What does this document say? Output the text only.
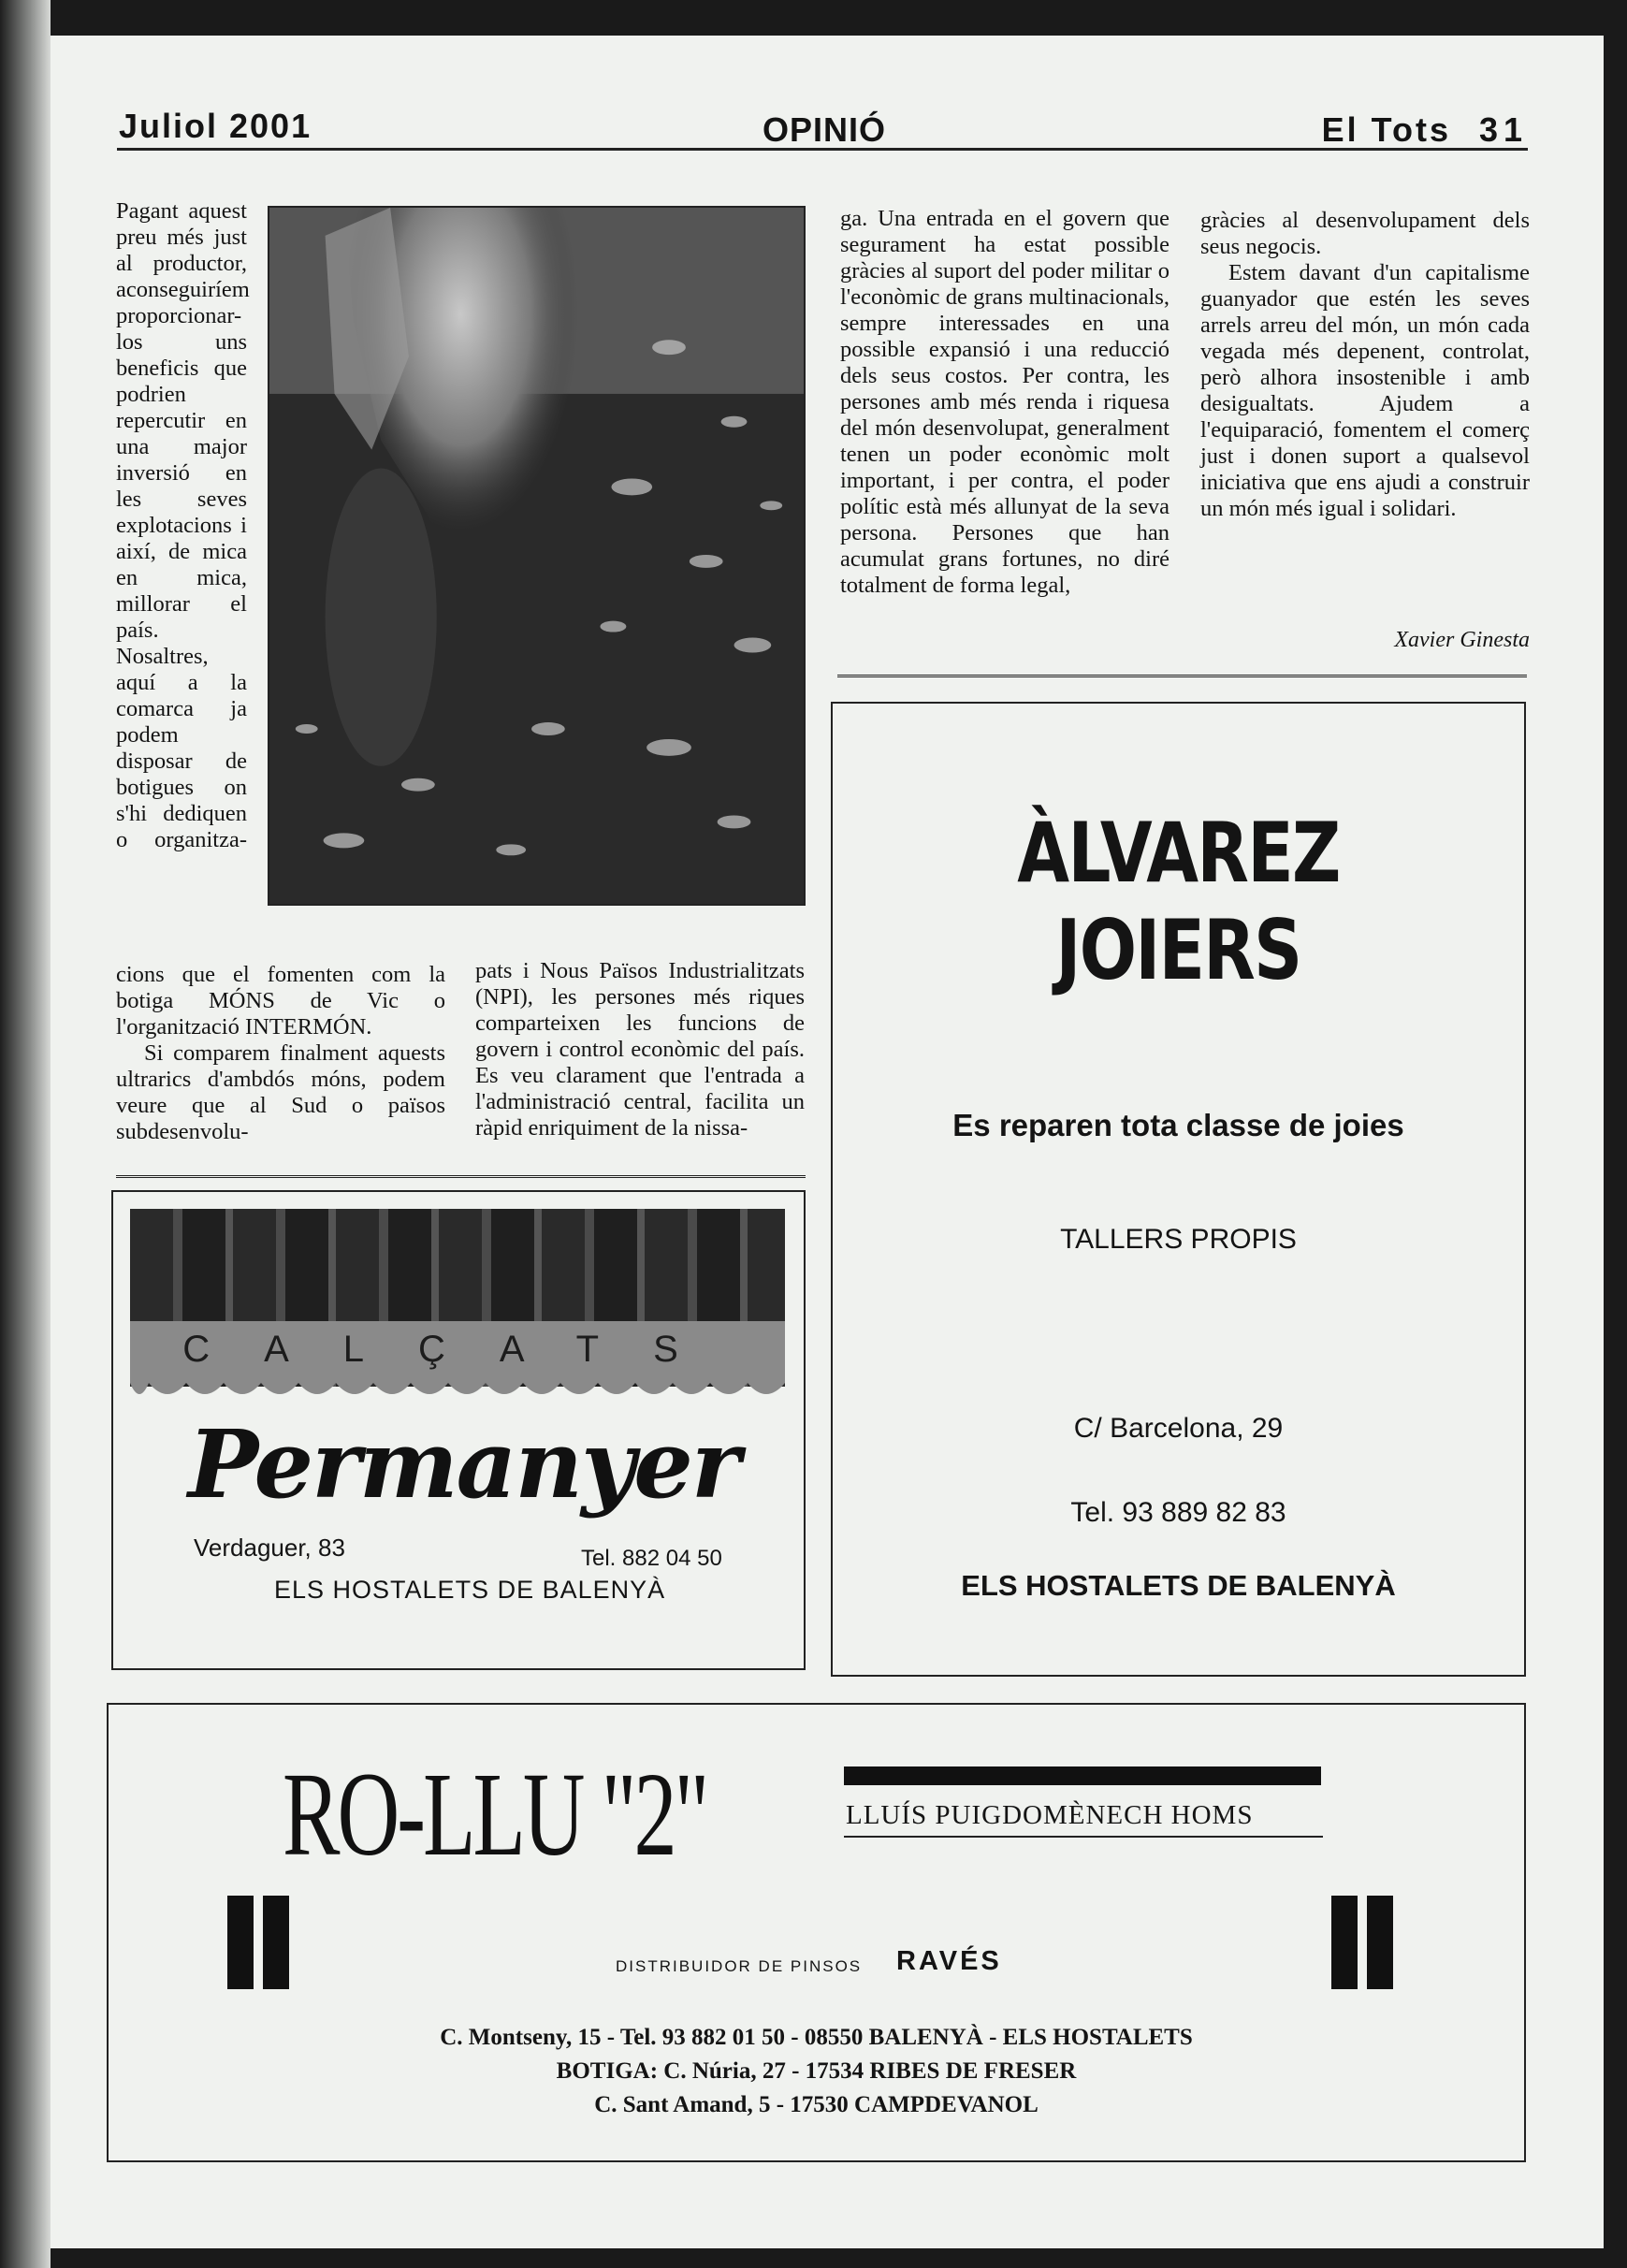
Juliol 2001	OPINIÓ	El Tots 31

Pagant aquest preu més just al productor, aconseguiríem proporcionar-los uns beneficis que podrien repercutir en una major inversió en les seves explotacions i així, de mica en mica, millorar el país. Nosaltres, aquí a la comarca ja podem disposar de botigues on s'hi dediquen o organitza-

cions que el fomenten com la botiga MÓNS de Vic o l'organització INTERMÓN.

Si comparem finalment aquests ultrarics d'ambdós móns, podem veure que al Sud o països subdesenvolu-

pats i Nous Països Industrialitzats (NPI), les persones més riques comparteixen les funcions de govern i control econòmic del país. Es veu clarament que l'entrada a l'administració central, facilita un ràpid enriquiment de la nissa-

ga. Una entrada en el govern que segurament ha estat possible gràcies al suport del poder militar o l'econòmic de grans multinacionals, sempre interessades en una possible expansió i una reducció dels seus costos. Per contra, les persones amb més renda i riquesa del món desenvolupat, generalment tenen un poder econòmic molt important, i per contra, el poder polític està més allunyat de la seva persona. Persones que han acumulat grans fortunes, no diré totalment de forma legal,

gràcies al desenvolupament dels seus negocis.

Estem davant d'un capitalisme guanyador que estén les seves arrels arreu del món, un món cada vegada més depenent, controlat, però alhora insostenible i amb desigualtats. Ajudem a l'equiparació, fomentem el comerç just i donen suport a qualsevol iniciativa que ens ajudi a construir un món més igual i solidari.

Xavier Ginesta
CALÇATS
Permanyer
Verdaguer, 83	Tel. 882 04 50
ELS HOSTALETS DE BALENYÀ
ÀLVAREZ
JOIERS
Es reparen tota classe de joies
TALLERS PROPIS
C/ Barcelona, 29
Tel. 93 889 82 83
ELS HOSTALETS DE BALENYÀ
RO-LLU "2"	LLUÍS PUIGDOMÈNECH HOMS
DISTRIBUIDOR DE PINSOS RAVÉS
C. Montseny, 15 - Tel. 93 882 01 50 - 08550 BALENYÀ - ELS HOSTALETS
BOTIGA: C. Núria, 27 - 17534 RIBES DE FRESER
C. Sant Amand, 5 - 17530 CAMPDEVANOL
